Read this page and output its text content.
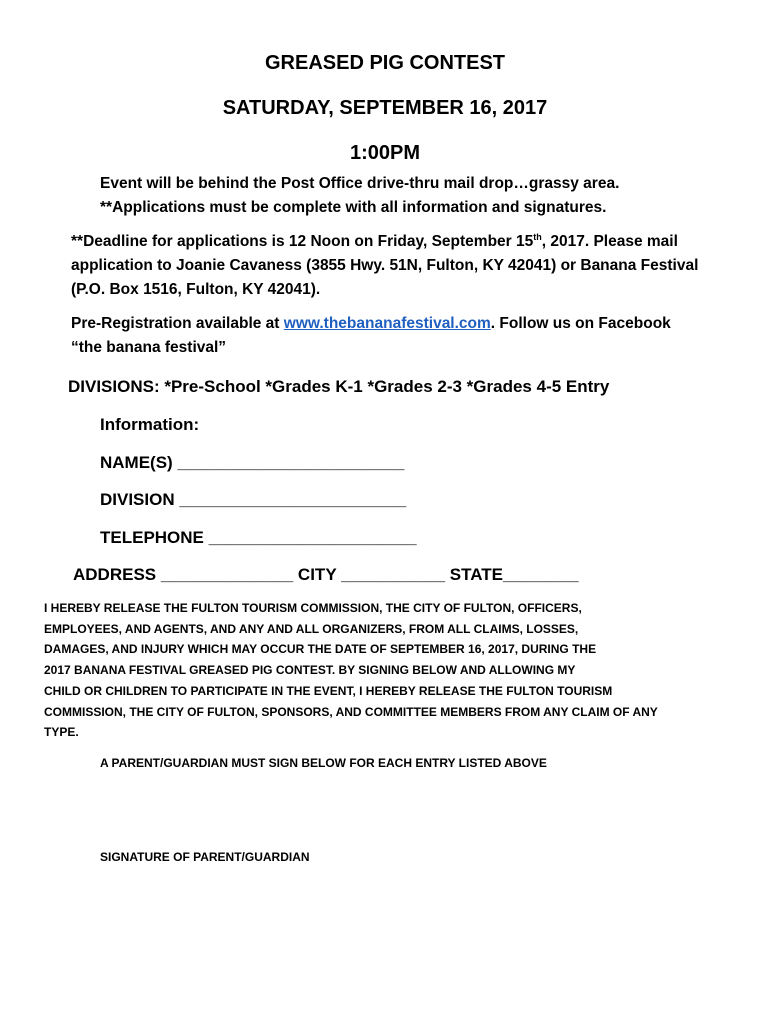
GREASED PIG CONTEST
SATURDAY, SEPTEMBER 16, 2017
1:00PM
Event will be behind the Post Office drive-thru mail drop…grassy area.
**Applications must be complete with all information and signatures.
**Deadline for applications is 12 Noon on Friday, September 15th, 2017. Please mail
application to Joanie Cavaness (3855 Hwy. 51N, Fulton, KY 42041) or Banana Festival
(P.O. Box 1516, Fulton, KY 42041).
Pre-Registration available at www.thebananafestival.com. Follow us on Facebook
“the banana festival”
DIVISIONS: *Pre-School *Grades K-1 *Grades 2-3 *Grades 4-5 Entry
Information:
NAME(S) ________________________
DIVISION ________________________
TELEPHONE ______________________
ADDRESS ______________ CITY ___________ STATE________
I HEREBY RELEASE THE FULTON TOURISM COMMISSION, THE CITY OF FULTON, OFFICERS,
EMPLOYEES, AND AGENTS, AND ANY AND ALL ORGANIZERS, FROM ALL CLAIMS, LOSSES,
DAMAGES, AND INJURY WHICH MAY OCCUR THE DATE OF SEPTEMBER 16, 2017, DURING THE
2017 BANANA FESTIVAL GREASED PIG CONTEST. BY SIGNING BELOW AND ALLOWING MY
CHILD OR CHILDREN TO PARTICIPATE IN THE EVENT, I HEREBY RELEASE THE FULTON TOURISM
COMMISSION, THE CITY OF FULTON, SPONSORS, AND COMMITTEE MEMBERS FROM ANY CLAIM OF ANY
TYPE.
A PARENT/GUARDIAN MUST SIGN BELOW FOR EACH ENTRY LISTED ABOVE
SIGNATURE OF PARENT/GUARDIAN
